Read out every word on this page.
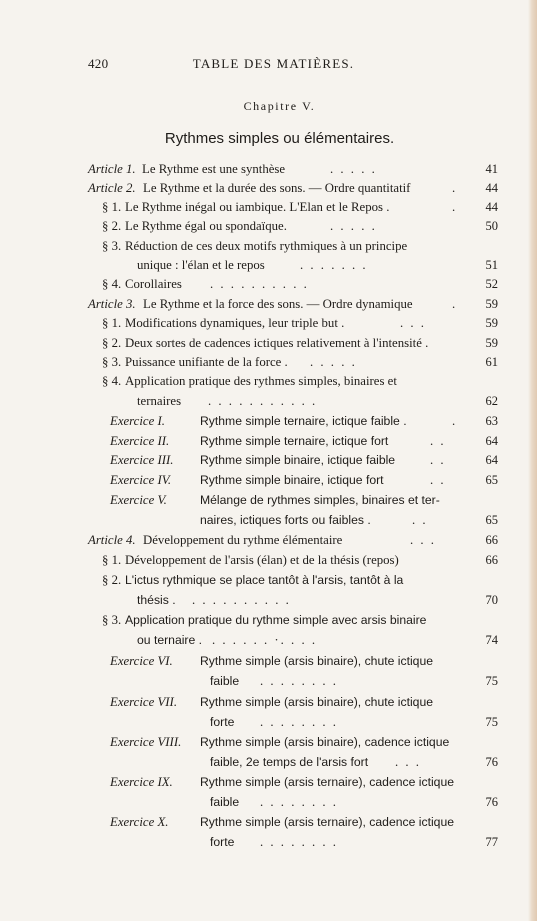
420	TABLE DES MATIÈRES.
Chapitre V.
Rythmes simples ou élémentaires.
Article 1. Le Rythme est une synthèse	. . . . .	41
Article 2. Le Rythme et la durée des sons. — Ordre quantitatif	.	44
§ 1. Le Rythme inégal ou iambique. L'Elan et le Repos .	.	44
§ 2. Le Rythme égal ou spondaïque.	. . . . .	50
§ 3. Réduction de ces deux motifs rythmiques à un principe
unique : l'élan et le repos	. . . . . . .	51
§ 4. Corollaires . . . . . . . . . .	52
Article 3. Le Rythme et la force des sons. — Ordre dynamique	.	59
§ 1. Modifications dynamiques, leur triple but .	. . .	59
§ 2. Deux sortes de cadences ictiques relativement à l'intensité .	59
§ 3. Puissance unifiante de la force . . . . . .	61
§ 4. Application pratique des rythmes simples, binaires et
ternaires . . . . . . . . . . .	62
Exercice I.	Rythme simple ternaire, ictique faible .	.	63
Exercice II.	Rythme simple ternaire, ictique fort	. .	64
Exercice III. Rythme simple binaire, ictique faible	. .	64
Exercice IV. Rythme simple binaire, ictique fort	. .	65
Exercice V.	Mélange de rythmes simples, binaires et ter-
naires, ictiques forts ou faibles .	. .	65
Article 4. Développement du rythme élémentaire	. . .	66
§ 1. Développement de l'arsis (élan) et de la thésis (repos)	66
§ 2. L'ictus rythmique se place tantôt à l'arsis, tantôt à la
thésis . . . . . . . . . . .	70
§ 3. Application pratique du rythme simple avec arsis binaire
ou ternaire . . . . . . . ·. . . .	74
Exercice VI. Rythme simple (arsis binaire), chute ictique
faible . . . . . . . .	75
Exercice VII. Rythme simple (arsis binaire), chute ictique
forte . . . . . . . .	75
Exercice VIII. Rythme simple (arsis binaire), cadence ictique
faible, 2e temps de l'arsis fort . . .	76
Exercice IX. Rythme simple (arsis ternaire), cadence ictique
faible . . . . . . . .	76
Exercice X.	Rythme simple (arsis ternaire), cadence ictique
forte . . . . . . . .	77
